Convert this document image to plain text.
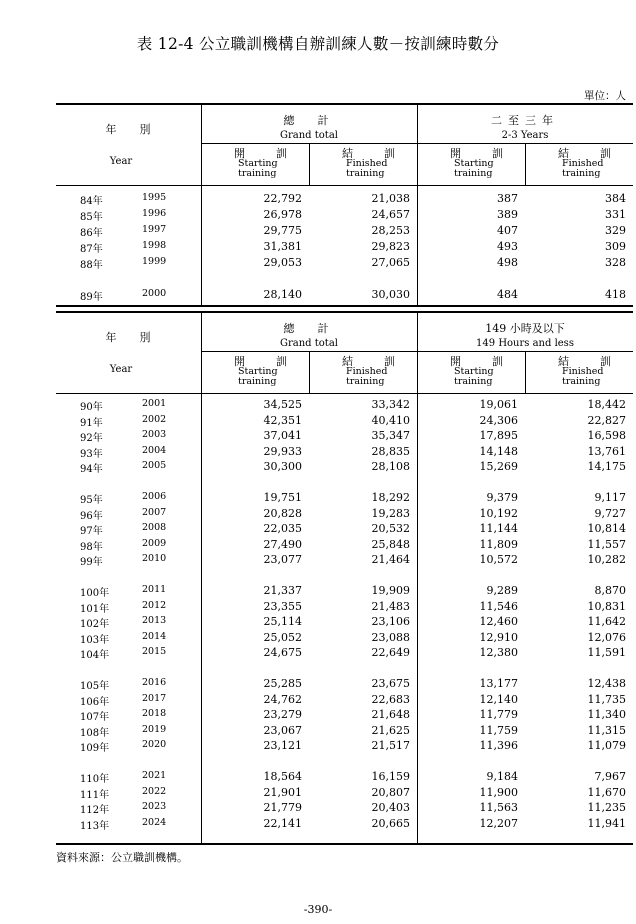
表 12-4 公立職訓機構自辦訓練人數－按訓練時數分
單位：人
年　別
Year
總　計
Grand total
二至三年
2-3 Years
開　訓
Starting
training
結　訓
Finished
training
開　訓
Starting
training
結　訓
Finished
training
84年	1995	22,792	21,038	387	384
85年	1996	26,978	24,657	389	331
86年	1997	29,775	28,253	407	329
87年	1998	31,381	29,823	493	309
88年	1999	29,053	27,065	498	328
89年	2000	28,140	30,030	484	418
年　別
Year
總　計
Grand total
149 小時及以下
149 Hours and less
開　訓
Starting
training
結　訓
Finished
training
開　訓
Starting
training
結　訓
Finished
training
90年	2001	34,525	33,342	19,061	18,442
91年	2002	42,351	40,410	24,306	22,827
92年	2003	37,041	35,347	17,895	16,598
93年	2004	29,933	28,835	14,148	13,761
94年	2005	30,300	28,108	15,269	14,175
95年	2006	19,751	18,292	9,379	9,117
96年	2007	20,828	19,283	10,192	9,727
97年	2008	22,035	20,532	11,144	10,814
98年	2009	27,490	25,848	11,809	11,557
99年	2010	23,077	21,464	10,572	10,282
100年	2011	21,337	19,909	9,289	8,870
101年	2012	23,355	21,483	11,546	10,831
102年	2013	25,114	23,106	12,460	11,642
103年	2014	25,052	23,088	12,910	12,076
104年	2015	24,675	22,649	12,380	11,591
105年	2016	25,285	23,675	13,177	12,438
106年	2017	24,762	22,683	12,140	11,735
107年	2018	23,279	21,648	11,779	11,340
108年	2019	23,067	21,625	11,759	11,315
109年	2020	23,121	21,517	11,396	11,079
110年	2021	18,564	16,159	9,184	7,967
111年	2022	21,901	20,807	11,900	11,670
112年	2023	21,779	20,403	11,563	11,235
113年	2024	22,141	20,665	12,207	11,941
資料來源：公立職訓機構。
-390-
